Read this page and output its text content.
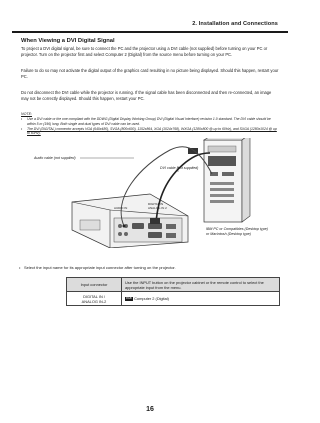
2. Installation and Connections
When Viewing a DVI Digital Signal
To project a DVI digital signal, be sure to connect the PC and the projector using a DVI cable (not supplied) before turning on your PC or projector. Turn on the projector first and select Computer 2 (Digital) from the source menu before turning on your PC.
Failure to do so may not activate the digital output of the graphics card resulting in no picture being displayed. Should this happen, restart your PC.
Do not disconnect the DVI cable while the projector is running. If the signal cable has been disconnected and then re-connected, an image may not be correctly displayed. Should this happen, restart your PC.
NOTE:
• Use a DVI cable or the one compliant with the DDWG (Digital Display Working Group) DVI (Digital Visual Interface) revision 1.0 standard. The DVI cable should be within 5 m (196) long. Both single and dual types of DVI cable can be used.
• The DVI (DIGITAL) connector accepts VGA (640x480), SVGA (800x600), 1152x864, XGA (1024x768), WXGA (1280x800 @ up to 60Hz), and SXGA (1280x1024 @ up to 60Hz).
Audio cable (not supplied)
DVI cable (not supplied)
AUDIO IN
DIGITAL IN
ANALOG IN 2
IBM PC or Compatibles (Desktop type)
or Macintosh (Desktop type)
• Select the input name for its appropriate input connector after turning on the projector.
Input connector	Use the INPUT button on the projector cabinet or the remote control to select the appropriate input from the menu.

DIGITAL IN /
ANALOG IN-2	RGB Computer 2 (Digital)
16
